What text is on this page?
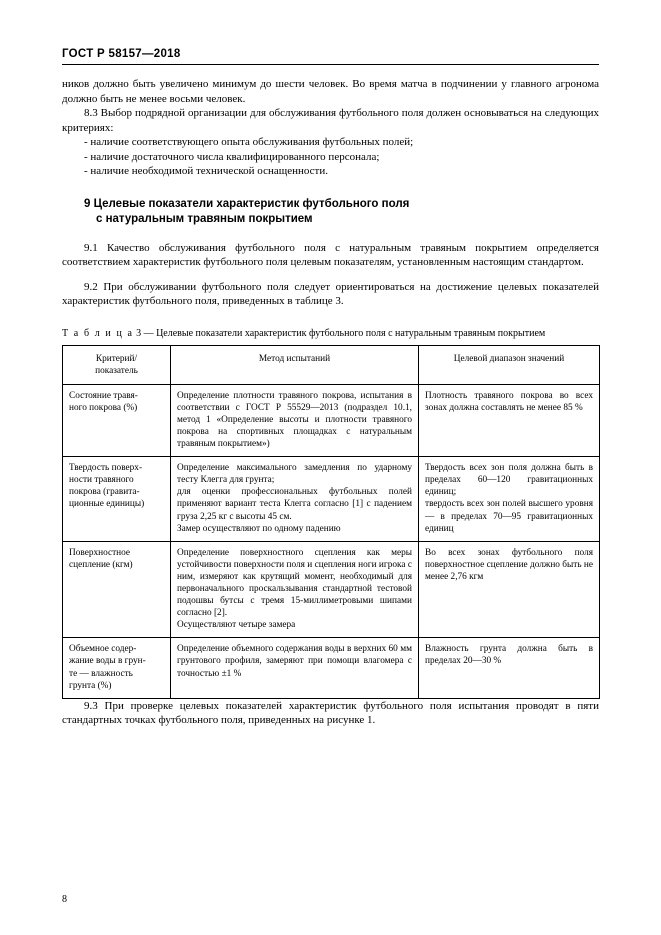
ГОСТ Р 58157—2018

ников должно быть увеличено минимум до шести человек. Во время матча в подчинении у главного агронома должно быть не менее восьми человек.

8.3 Выбор подрядной организации для обслуживания футбольного поля должен основываться на следующих критериях:

- наличие соответствующего опыта обслуживания футбольных полей;

- наличие достаточного числа квалифицированного персонала;

- наличие необходимой технической оснащенности.

9 Целевые показатели характеристик футбольного поля
с натуральным травяным покрытием

9.1 Качество обслуживания футбольного поля с натуральным травяным покрытием определяется соответствием характеристик футбольного поля целевым показателям, установленным настоящим стандартом.

9.2 При обслуживании футбольного поля следует ориентироваться на достижение целевых показателей характеристик футбольного поля, приведенных в таблице 3.

Т а б л и ц а 3 — Целевые показатели характеристик футбольного поля с натуральным травяным покрытием
Критерий/
показатель	Метод испытаний	Целевой диапазон значений
Состояние травя-
ного покрова (%)	Определение плотности травяного покрова, испытания в соответствии с ГОСТ Р 55529—2013 (подраздел 10.1, метод 1 «Определение высоты и плотности травяного покрова на спортивных площадках с натуральным травяным покрытием»)	Плотность травяного покрова во всех зонах должна составлять не менее 85 %
Твердость поверх-
ности травяного
покрова (гравита-
ционные единицы)	Определение максимального замедления по ударному тесту Клегга для грунта;
для оценки профессиональных футбольных полей применяют вариант теста Клегга согласно [1] с падением груза 2,25 кг с высоты 45 см.
Замер осуществляют по одному падению	Твердость всех зон поля должна быть в пределах 60—120 гравитационных единиц;
твердость всех зон полей высшего уровня — в пределах 70—95 гравитационных единиц
Поверхностное
сцепление (кгм)	Определение поверхностного сцепления как меры устойчивости поверхности поля и сцепления ноги игрока с ним, измеряют как крутящий момент, необходимый для первоначального проскальзывания стандартной тестовой подошвы бутсы с тремя 15-миллиметровыми шипами согласно [2].
Осуществляют четыре замера	Во всех зонах футбольного поля поверхностное сцепление должно быть не менее 2,76 кгм
Объемное содер-
жание воды в грун-
те — влажность
грунта (%)	Определение объемного содержания воды в верхних 60 мм грунтового профиля, замеряют при помощи влагомера с точностью ±1 %	Влажность грунта должна быть в пределах 20—30 %

9.3 При проверке целевых показателей характеристик футбольного поля испытания проводят в пяти стандартных точках футбольного поля, приведенных на рисунке 1.

8
